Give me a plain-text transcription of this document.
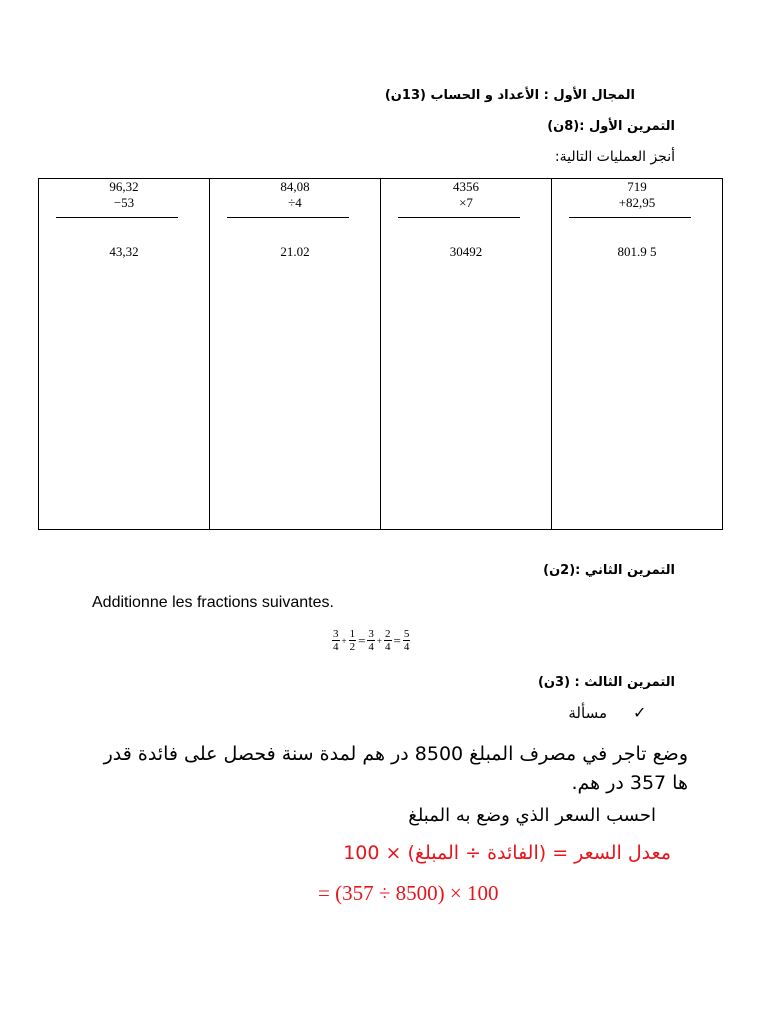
المجال الأول : الأعداد و الحساب (13ن)
التمرين الأول :(8ن)
أنجز العمليات التالية:
96,32
−53
43,32

84,08
÷4
21.02

4356
×7
30492

719
+82,95
801.9 5
التمرين الثاني :(2ن)
Additionne les fractions suivantes.
$\frac{3}{4} + \frac{1}{2} = \frac{3}{4} + \frac{2}{4} = \frac{5}{4}$
التمرين الثالث : (3ن)
✓
مسألة
وضع تاجر في مصرف المبلغ 8500 در هم لمدة سنة فحصل على فائدة قدر ها 357 در هم.
احسب السعر الذي وضع به المبلغ
معدل السعر = (الفائدة ÷ المبلغ) × 100
= (357 ÷ 8500) × 100
